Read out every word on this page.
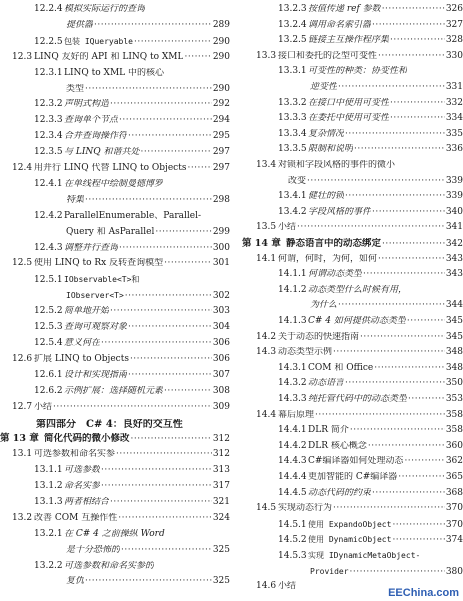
12.2.4 模拟实际运行的查询
提供器 ·····	289
12.2.5 包装 IQueryable ·····	290
12.3 LINQ 友好的 API 和 LINQ to XML ·····	290
12.3.1 LINQ to XML 中的核心
类型 ·····	290
12.3.2 声明式构造 ·····	292
12.3.3 查询单个节点 ·····	294
12.3.4 合并查询操作符 ·····	295
12.3.5 与 LINQ 和谐共处 ·····	297
12.4 用并行 LINQ 代替 LINQ to Objects ·····	297
12.4.1 在单线程中绘制曼德博罗
特集 ·····	298
12.4.2 ParallelEnumerable、Parallel-
Query 和 AsParallel ·····	299
12.4.3 调整并行查询 ·····	300
12.5 使用 LINQ to Rx 反转查询模型 ·····	301
12.5.1 IObservable<T>和
IObserver<T> ·····	302
12.5.2 简单地开始 ·····	303
12.5.3 查询可观察对象 ·····	304
12.5.4 意义何在 ·····	306
12.6 扩展 LINQ to Objects ·····	306
12.6.1 设计和实现指南 ·····	307
12.6.2 示例扩展：选择随机元素 ·····	308
12.7 小结 ·····	309
第四部分　C# 4：良好的交互性
第 13 章 简化代码的微小修改 ·····	312
13.1 可选参数和命名实参 ·····	312
13.1.1 可选参数 ·····	313
13.1.2 命名实参 ·····	317
13.1.3 两者相结合 ·····	321
13.2 改善 COM 互操作性 ·····	324
13.2.1 在 C# 4 之前操纵 Word
是十分恐怖的 ·····	325
13.2.2 可选参数和命名实参的
复仇 ·····	325
13.2.3 按值传递 ref 参数 ·····	326
13.2.4 调用命名索引器 ·····	327
13.2.5 链接主互操作程序集 ·····	328
13.3 接口和委托的泛型可变性 ·····	330
13.3.1 可变性的种类：协变性和
逆变性 ·····	331
13.3.2 在接口中使用可变性 ·····	332
13.3.3 在委托中使用可变性 ·····	334
13.3.4 复杂情况 ·····	335
13.3.5 限制和说明 ·····	336
13.4 对锁和字段风格的事件的微小
改变 ·····	339
13.4.1 健壮的锁 ·····	339
13.4.2 字段风格的事件 ·····	340
13.5 小结 ·····	341
第 14 章 静态语言中的动态绑定 ·····	342
14.1 何谓，何时，为何，如何 ·····	343
14.1.1 何谓动态类型 ·····	343
14.1.2 动态类型什么时候有用，
为什么 ·····	344
14.1.3 C# 4 如何提供动态类型 ·····	345
14.2 关于动态的快速指南 ·····	345
14.3 动态类型示例 ·····	348
14.3.1 COM 和 Office ·····	348
14.3.2 动态语言 ·····	350
14.3.3 纯托管代码中的动态类型 ·····	353
14.4 幕后原理 ·····	358
14.4.1 DLR 简介 ·····	358
14.4.2 DLR 核心概念 ·····	360
14.4.3 C#编译器如何处理动态 ·····	362
14.4.4 更加智能的 C#编译器 ·····	365
14.4.5 动态代码的约束 ·····	368
14.5 实现动态行为 ·····	370
14.5.1 使用 ExpandoObject ·····	370
14.5.2 使用 DynamicObject ·····	374
14.5.3 实现 IDynamicMetaObject-
Provider ·····	380
14.6 小结
EEChina.com
